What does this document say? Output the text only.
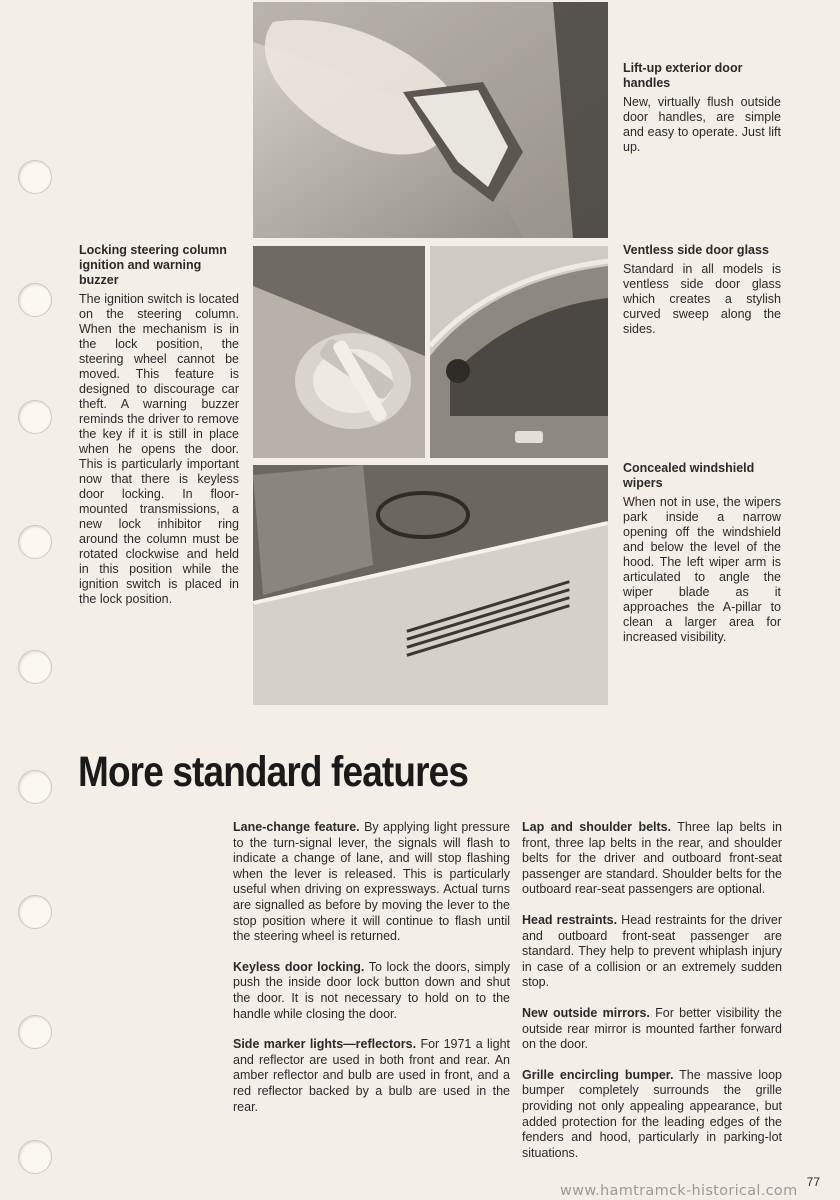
Lift-up exterior door handles

New, virtually flush outside door handles, are simple and easy to operate. Just lift up.

Locking steering column ignition and warning buzzer

The ignition switch is located on the steering column. When the mechanism is in the lock position, the steering wheel cannot be moved. This feature is designed to discourage car theft. A warning buzzer reminds the driver to remove the key if it is still in place when he opens the door. This is particularly important now that there is keyless door locking. In floor-mounted transmissions, a new lock inhibitor ring around the column must be rotated clockwise and held in this position while the ignition switch is placed in the lock position.

Ventless side door glass

Standard in all models is ventless side door glass which creates a stylish curved sweep along the sides.

Concealed windshield wipers

When not in use, the wipers park inside a narrow opening off the windshield and below the level of the hood. The left wiper arm is articulated to angle the wiper blade as it approaches the A-pillar to clean a larger area for increased visibility.

More standard features
Lane-change feature. By applying light pressure to the turn-signal lever, the signals will flash to indicate a change of lane, and will stop flashing when the lever is released. This is particularly useful when driving on expressways. Actual turns are signalled as before by moving the lever to the stop position where it will continue to flash until the steering wheel is returned.
Keyless door locking. To lock the doors, simply push the inside door lock button down and shut the door. It is not necessary to hold on to the handle while closing the door.
Side marker lights—reflectors. For 1971 a light and reflector are used in both front and rear. An amber reflector and bulb are used in front, and a red reflector backed by a bulb are used in the rear.
Lap and shoulder belts. Three lap belts in front, three lap belts in the rear, and shoulder belts for the driver and outboard front-seat passenger are standard. Shoulder belts for the outboard rear-seat passengers are optional.
Head restraints. Head restraints for the driver and outboard front-seat passenger are standard. They help to prevent whiplash injury in case of a collision or an extremely sudden stop.
New outside mirrors. For better visibility the outside rear mirror is mounted farther forward on the door.
Grille encircling bumper. The massive loop bumper completely surrounds the grille providing not only appealing appearance, but added protection for the leading edges of the fenders and hood, particularly in parking-lot situations.
77
www.hamtramck-historical.com
